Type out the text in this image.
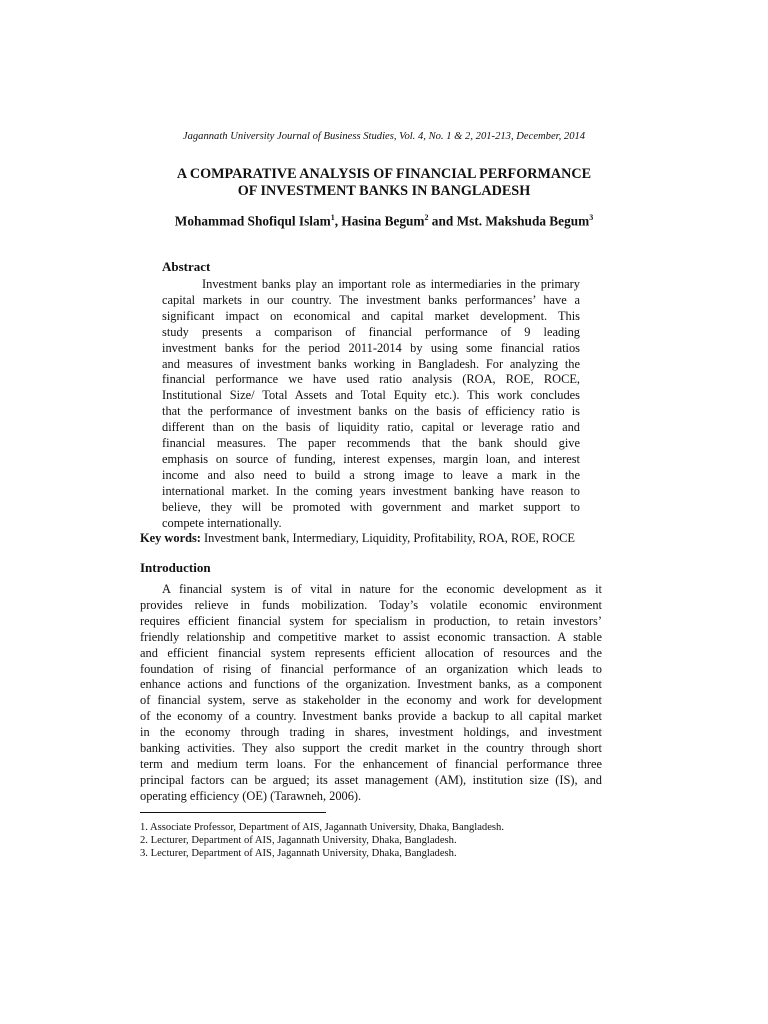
Jagannath University Journal of Business Studies, Vol. 4, No. 1 & 2, 201-213, December, 2014
A COMPARATIVE ANALYSIS OF FINANCIAL PERFORMANCE
OF INVESTMENT BANKS IN BANGLADESH
Mohammad Shofiqul Islam$^1$, Hasina Begum$^2$ and Mst. Makshuda Begum$^3$
Abstract
Investment banks play an important role as intermediaries in the primary
capital markets in our country. The investment banks performances’ have a
significant impact on economical and capital market development. This
study presents a comparison of financial performance of 9 leading
investment banks for the period 2011-2014 by using some financial ratios
and measures of investment banks working in Bangladesh. For analyzing the
financial performance we have used ratio analysis (ROA, ROE, ROCE,
Institutional Size/ Total Assets and Total Equity etc.). This work concludes
that the performance of investment banks on the basis of efficiency ratio is
different than on the basis of liquidity ratio, capital or leverage ratio and
financial measures. The paper recommends that the bank should give
emphasis on source of funding, interest expenses, margin loan, and interest
income and also need to build a strong image to leave a mark in the
international market. In the coming years investment banking have reason to
believe, they will be promoted with government and market support to
compete internationally.
Key words: Investment bank, Intermediary, Liquidity, Profitability, ROA, ROE, ROCE
Introduction
A financial system is of vital in nature for the economic development as it
provides relieve in funds mobilization. Today’s volatile economic environment
requires efficient financial system for specialism in production, to retain investors’
friendly relationship and competitive market to assist economic transaction. A stable
and efficient financial system represents efficient allocation of resources and the
foundation of rising of financial performance of an organization which leads to
enhance actions and functions of the organization. Investment banks, as a component
of financial system, serve as stakeholder in the economy and work for development
of the economy of a country. Investment banks provide a backup to all capital market
in the economy through trading in shares, investment holdings, and investment
banking activities. They also support the credit market in the country through short
term and medium term loans. For the enhancement of financial performance three
principal factors can be argued; its asset management (AM), institution size (IS), and
operating efficiency (OE) (Tarawneh, 2006).
1. Associate Professor, Department of AIS, Jagannath University, Dhaka, Bangladesh.
2. Lecturer, Department of AIS, Jagannath University, Dhaka, Bangladesh.
3. Lecturer, Department of AIS, Jagannath University, Dhaka, Bangladesh.
